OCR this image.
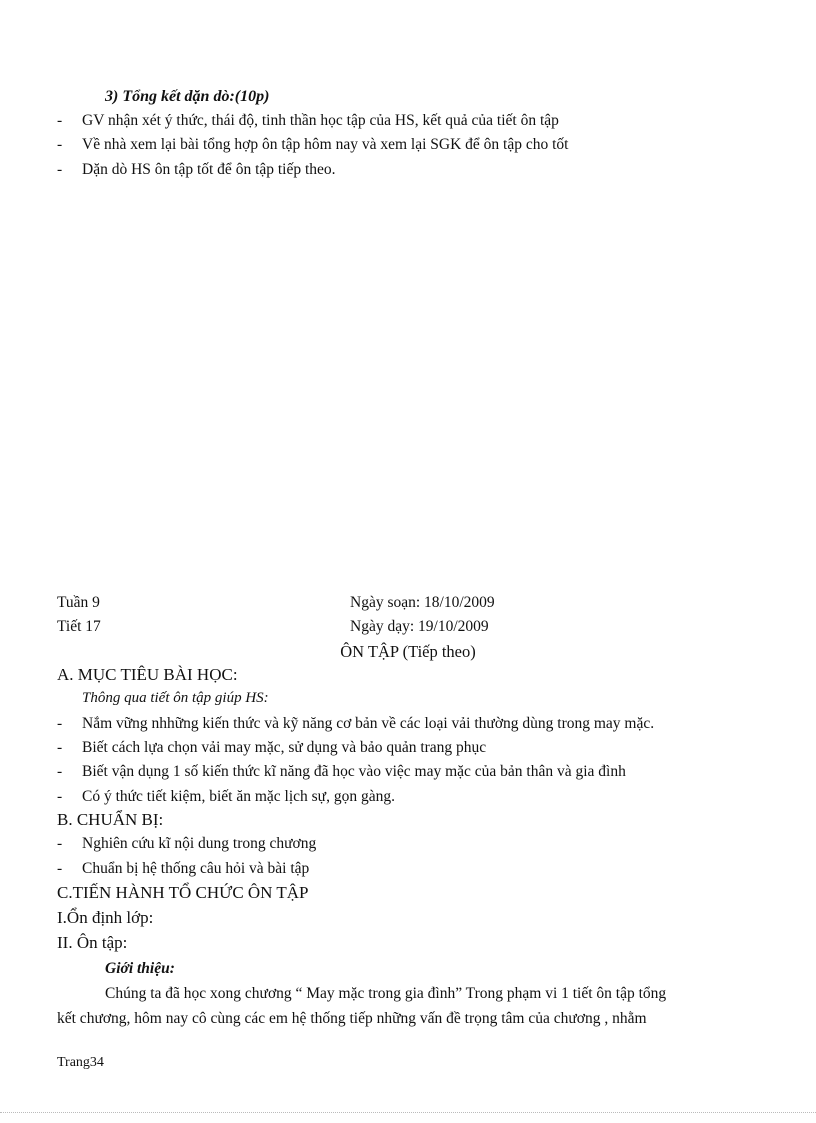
3) Tổng kết dặn dò:(10p)
- GV nhận xét ý thức, thái độ, tinh thần học tập của HS, kết quả của tiết ôn tập
- Về nhà xem lại bài tổng hợp ôn tập hôm nay và xem lại SGK để ôn tập cho tốt
- Dặn dò HS ôn tập tốt để ôn tập tiếp theo.
Tuần 9	Ngày soạn: 18/10/2009
Tiết 17	Ngày dạy: 19/10/2009
ÔN TẬP (Tiếp theo)
A. MỤC TIÊU BÀI HỌC:
Thông qua tiết ôn tập giúp HS:
- Nắm vững nhhững kiến thức và kỹ năng cơ bản về các loại vải thường dùng trong may mặc.
- Biết cách lựa chọn vải may mặc, sử dụng và bảo quản trang phục
- Biết vận dụng 1 số kiến thức kĩ năng đã học vào việc may mặc của bản thân và gia đình
- Có ý thức tiết kiệm, biết ăn mặc lịch sự, gọn gàng.
B. CHUẨN BỊ:
- Nghiên cứu kĩ nội dung trong chương
- Chuẩn bị hệ thống câu hỏi và bài tập
C.TIẾN HÀNH TỔ CHỨC ÔN TẬP
I.Ổn định lớp:
II. Ôn tập:
Giới thiệu:
Chúng ta đã học xong chương “ May mặc trong gia đình” Trong phạm vi 1 tiết ôn tập tổng
kết chương, hôm nay cô cùng các em hệ thống tiếp những vấn đề trọng tâm của chương , nhằm
Trang34
